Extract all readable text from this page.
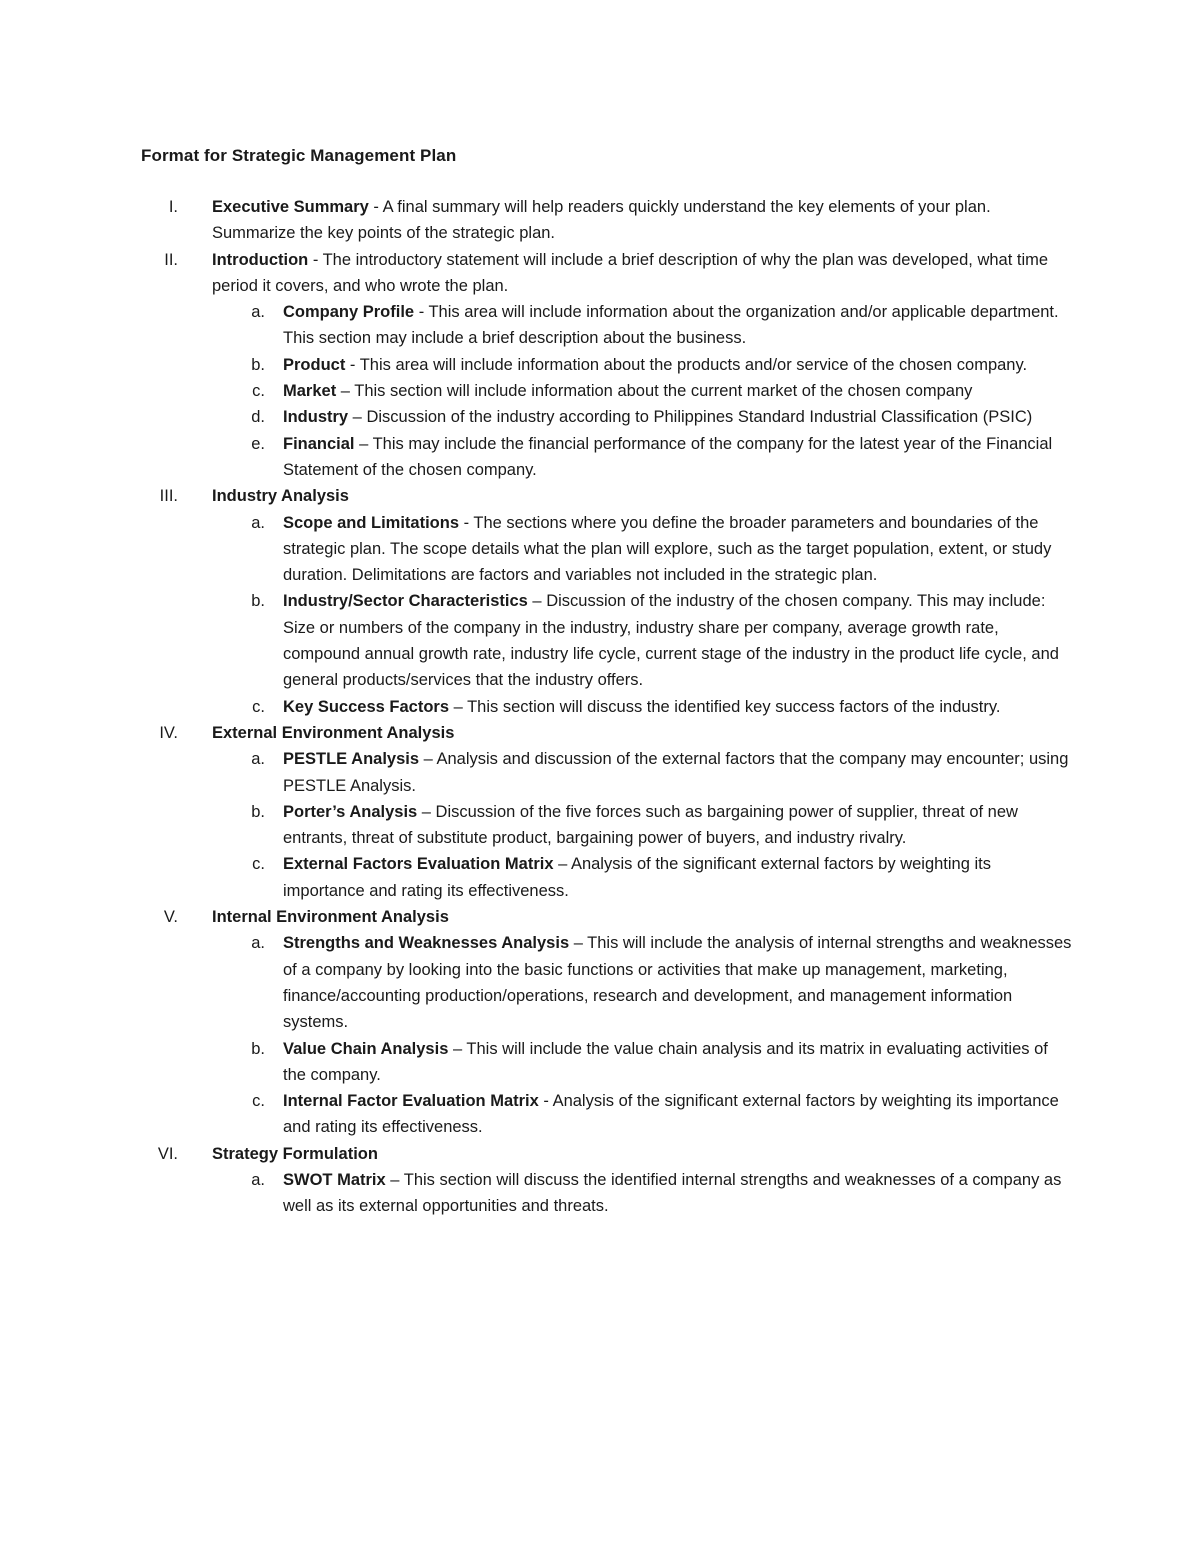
Format for Strategic Management Plan
I. Executive Summary - A final summary will help readers quickly understand the key elements of your plan. Summarize the key points of the strategic plan.
II. Introduction - The introductory statement will include a brief description of why the plan was developed, what time period it covers, and who wrote the plan.
a. Company Profile - This area will include information about the organization and/or applicable department. This section may include a brief description about the business.
b. Product - This area will include information about the products and/or service of the chosen company.
c. Market – This section will include information about the current market of the chosen company
d. Industry – Discussion of the industry according to Philippines Standard Industrial Classification (PSIC)
e. Financial – This may include the financial performance of the company for the latest year of the Financial Statement of the chosen company.
III. Industry Analysis
a. Scope and Limitations - The sections where you define the broader parameters and boundaries of the strategic plan. The scope details what the plan will explore, such as the target population, extent, or study duration. Delimitations are factors and variables not included in the strategic plan.
b. Industry/Sector Characteristics – Discussion of the industry of the chosen company. This may include: Size or numbers of the company in the industry, industry share per company, average growth rate, compound annual growth rate, industry life cycle, current stage of the industry in the product life cycle, and general products/services that the industry offers.
c. Key Success Factors – This section will discuss the identified key success factors of the industry.
IV. External Environment Analysis
a. PESTLE Analysis – Analysis and discussion of the external factors that the company may encounter; using PESTLE Analysis.
b. Porter’s Analysis – Discussion of the five forces such as bargaining power of supplier, threat of new entrants, threat of substitute product, bargaining power of buyers, and industry rivalry.
c. External Factors Evaluation Matrix – Analysis of the significant external factors by weighting its importance and rating its effectiveness.
V. Internal Environment Analysis
a. Strengths and Weaknesses Analysis – This will include the analysis of internal strengths and weaknesses of a company by looking into the basic functions or activities that make up management, marketing, finance/accounting production/operations, research and development, and management information systems.
b. Value Chain Analysis – This will include the value chain analysis and its matrix in evaluating activities of the company.
c. Internal Factor Evaluation Matrix - Analysis of the significant external factors by weighting its importance and rating its effectiveness.
VI. Strategy Formulation
a. SWOT Matrix – This section will discuss the identified internal strengths and weaknesses of a company as well as its external opportunities and threats.
